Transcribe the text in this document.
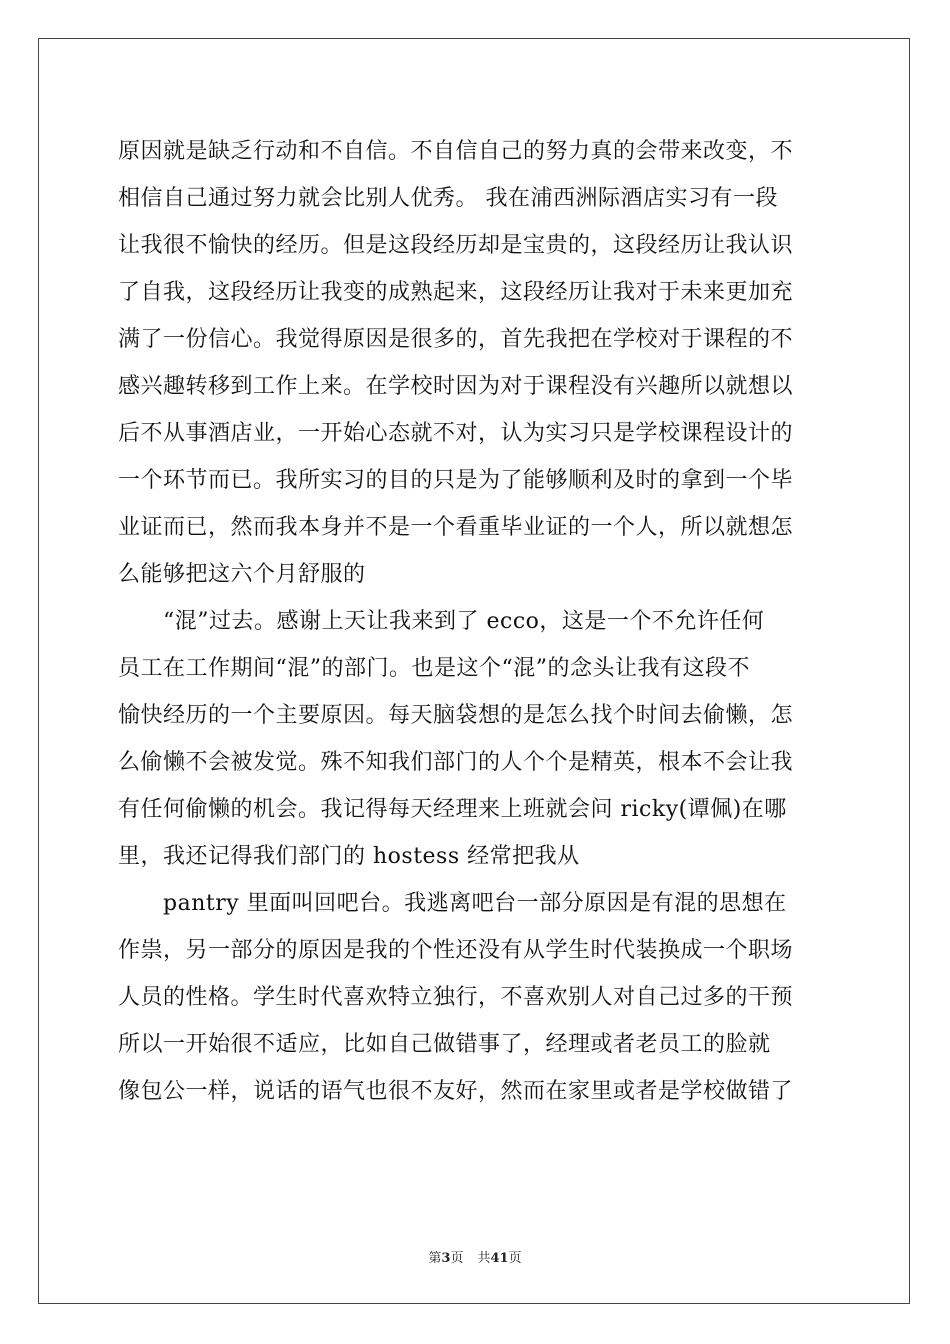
原因就是缺乏行动和不自信。不自信自己的努力真的会带来改变，不
相信自己通过努力就会比别人优秀。 我在浦西洲际酒店实习有一段
让我很不愉快的经历。但是这段经历却是宝贵的，这段经历让我认识
了自我，这段经历让我变的成熟起来，这段经历让我对于未来更加充
满了一份信心。我觉得原因是很多的，首先我把在学校对于课程的不
感兴趣转移到工作上来。在学校时因为对于课程没有兴趣所以就想以
后不从事酒店业，一开始心态就不对，认为实习只是学校课程设计的
一个环节而已。我所实习的目的只是为了能够顺利及时的拿到一个毕
业证而已，然而我本身并不是一个看重毕业证的一个人，所以就想怎
么能够把这六个月舒服的
　　“混”过去。感谢上天让我来到了 ecco，这是一个不允许任何
员工在工作期间“混”的部门。也是这个“混”的念头让我有这段不
愉快经历的一个主要原因。每天脑袋想的是怎么找个时间去偷懒，怎
么偷懒不会被发觉。殊不知我们部门的人个个是精英，根本不会让我
有任何偷懒的机会。我记得每天经理来上班就会问 ricky(谭佩)在哪
里，我还记得我们部门的 hostess 经常把我从
　　pantry 里面叫回吧台。我逃离吧台一部分原因是有混的思想在
作祟，另一部分的原因是我的个性还没有从学生时代装换成一个职场
人员的性格。学生时代喜欢特立独行，不喜欢别人对自己过多的干预
所以一开始很不适应，比如自己做错事了，经理或者老员工的脸就
像包公一样，说话的语气也很不友好，然而在家里或者是学校做错了
第3页 共41页
